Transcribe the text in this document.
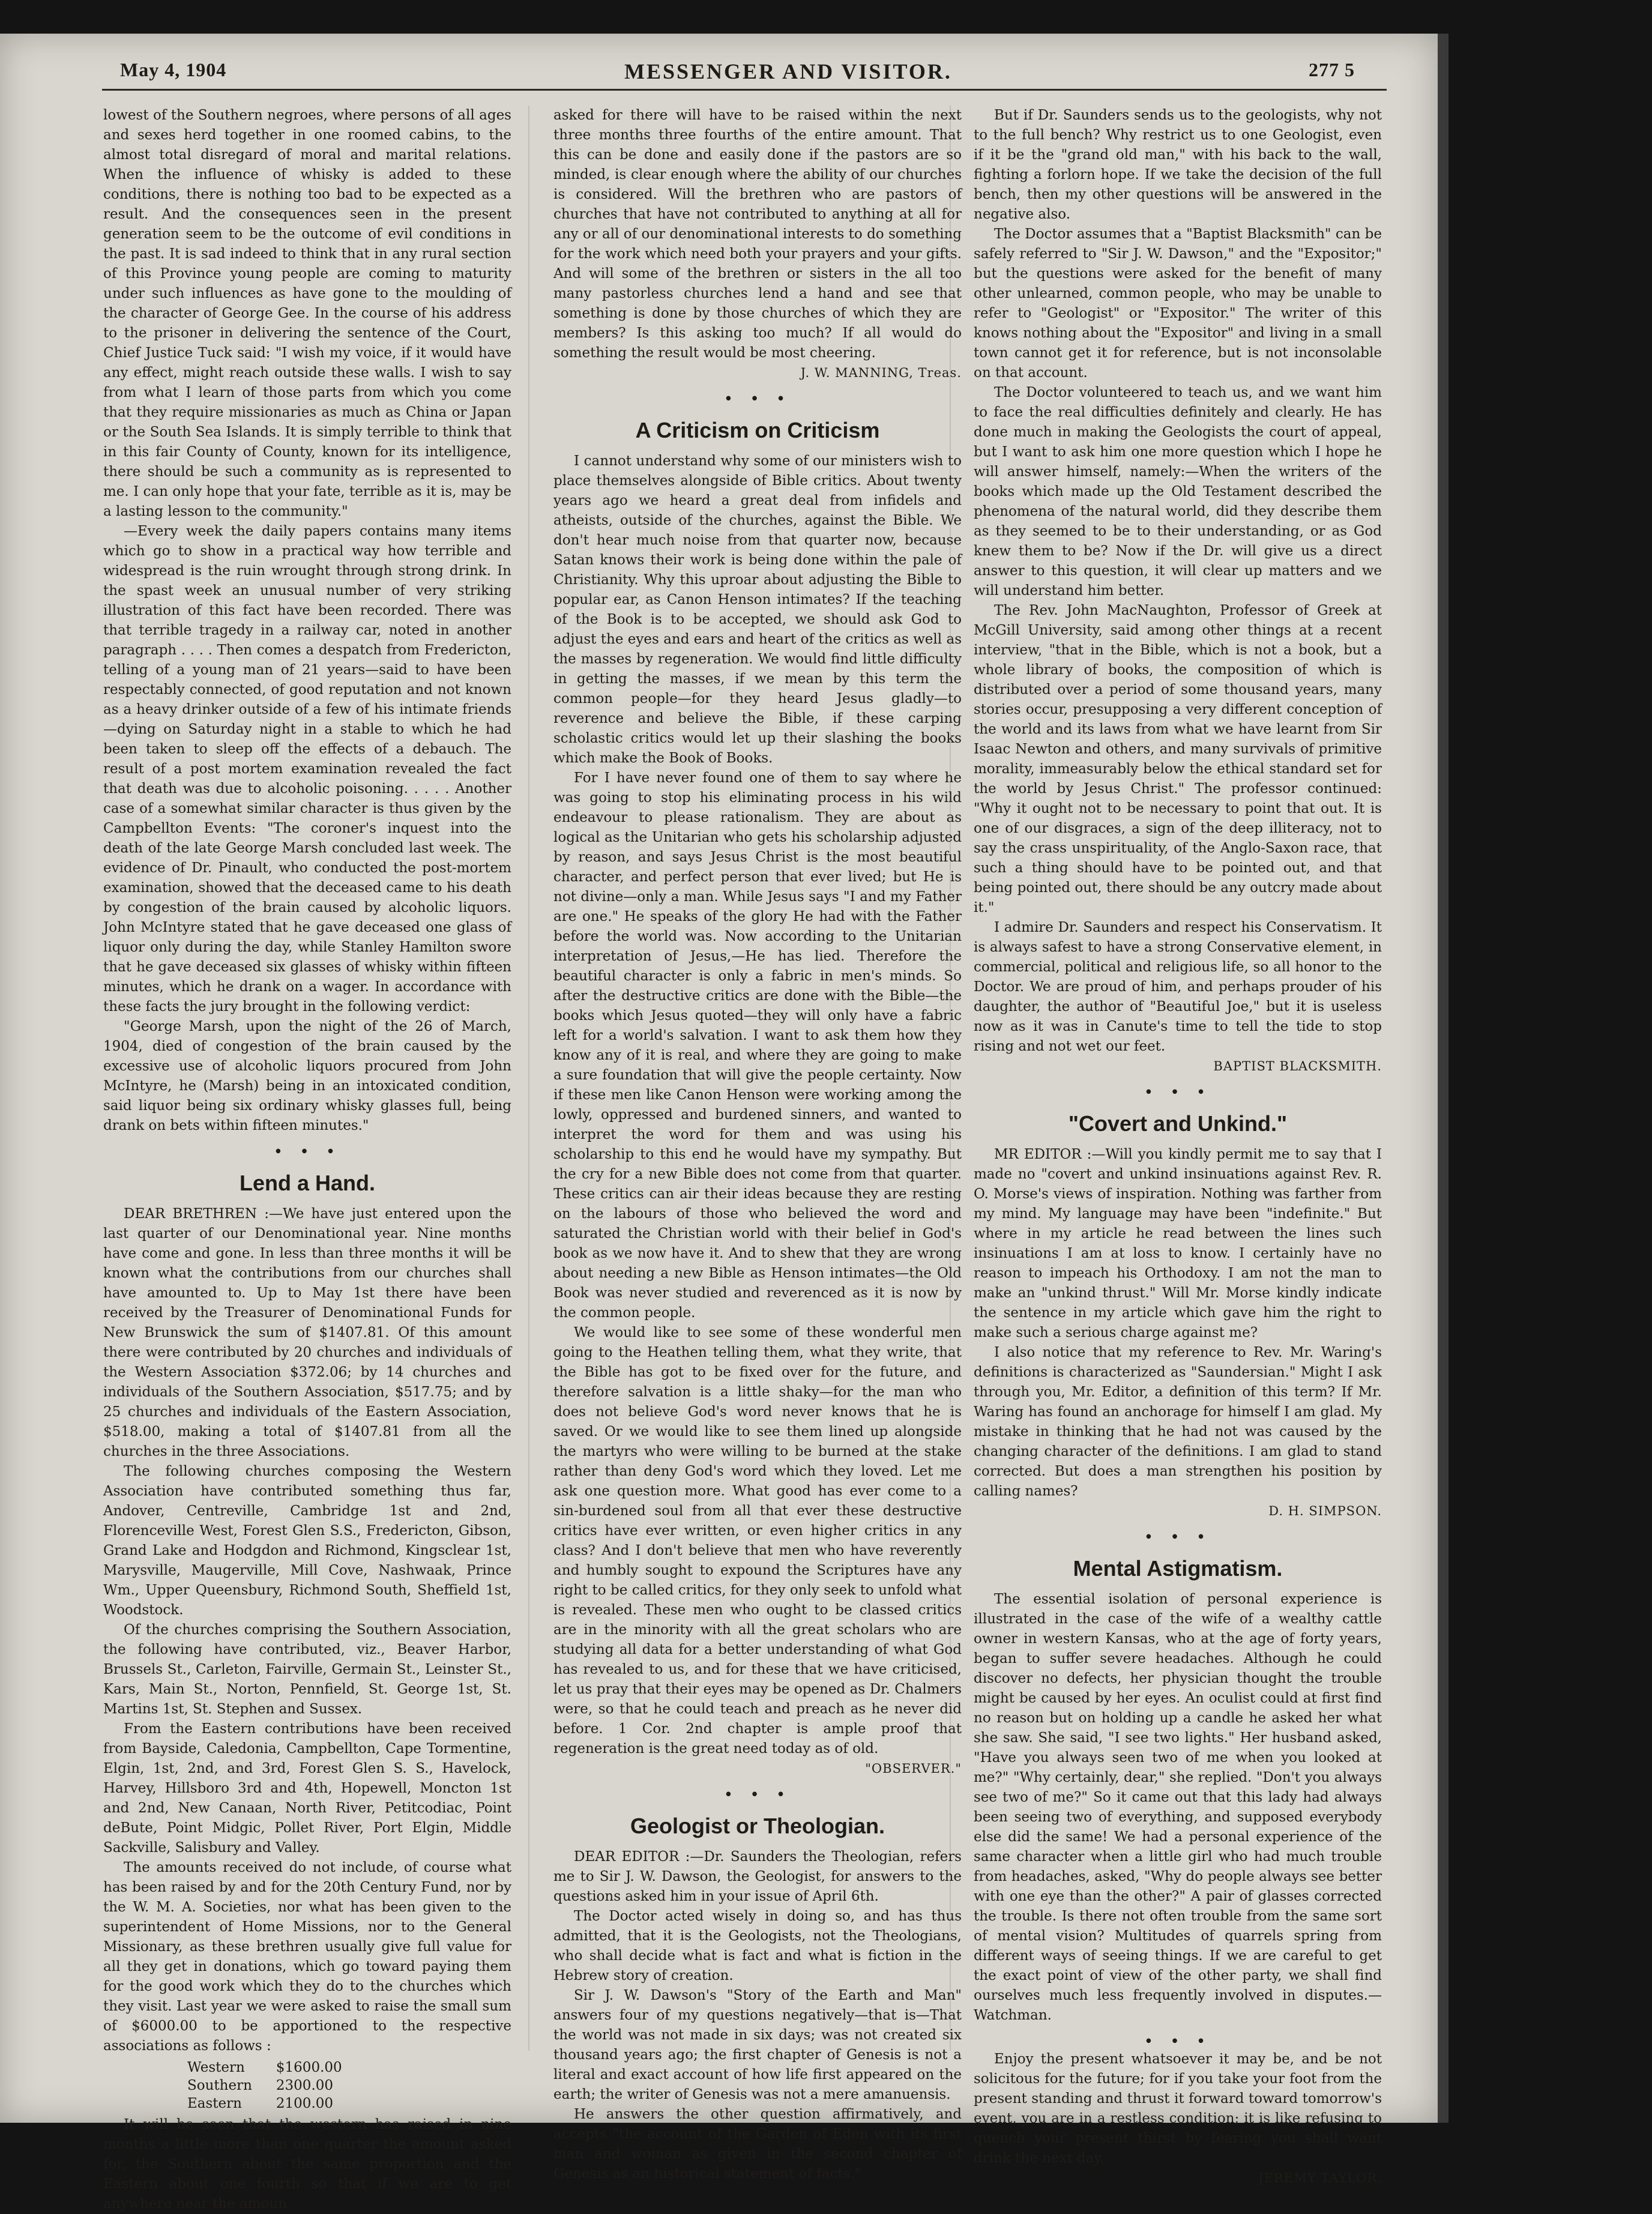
May 4, 1904	MESSENGER AND VISITOR.	277 5

lowest of the Southern negroes, where persons of all ages and sexes herd together in one roomed cabins, to the almost total disregard of moral and marital relations. When the influence of whisky is added to these conditions, there is nothing too bad to be expected as a result. And the consequences seen in the present generation seem to be the outcome of evil conditions in the past. It is sad indeed to think that in any rural section of this Province young people are coming to maturity under such influences as have gone to the moulding of the character of George Gee. In the course of his address to the prisoner in delivering the sentence of the Court, Chief Justice Tuck said: "I wish my voice, if it would have any effect, might reach outside these walls. I wish to say from what I learn of those parts from which you come that they require missionaries as much as China or Japan or the South Sea Islands. It is simply terrible to think that in this fair County of County, known for its intelligence, there should be such a community as is represented to me. I can only hope that your fate, terrible as it is, may be a lasting lesson to the community."

—Every week the daily papers contains many items which go to show in a practical way how terrible and widespread is the ruin wrought through strong drink. In the spast week an unusual number of very striking illustration of this fact have been recorded. There was that terrible tragedy in a railway car, noted in another paragraph . . . . Then comes a despatch from Fredericton, telling of a young man of 21 years—said to have been respectably connected, of good reputation and not known as a heavy drinker outside of a few of his intimate friends—dying on Saturday night in a stable to which he had been taken to sleep off the effects of a debauch. The result of a post mortem examination revealed the fact that death was due to alcoholic poisoning. . . . . Another case of a somewhat similar character is thus given by the Campbellton Events: "The coroner's inquest into the death of the late George Marsh concluded last week. The evidence of Dr. Pinault, who conducted the post-mortem examination, showed that the deceased came to his death by congestion of the brain caused by alcoholic liquors. John McIntyre stated that he gave deceased one glass of liquor only during the day, while Stanley Hamilton swore that he gave deceased six glasses of whisky within fifteen minutes, which he drank on a wager. In accordance with these facts the jury brought in the following verdict:

"George Marsh, upon the night of the 26 of March, 1904, died of congestion of the brain caused by the excessive use of alcoholic liquors procured from John McIntyre, he (Marsh) being in an intoxicated condition, said liquor being six ordinary whisky glasses full, being drank on bets within fifteen minutes."

• • •
Lend a Hand.

DEAR BRETHREN :—We have just entered upon the last quarter of our Denominational year. Nine months have come and gone. In less than three months it will be known what the contributions from our churches shall have amounted to. Up to May 1st there have been received by the Treasurer of Denominational Funds for New Brunswick the sum of $1407.81. Of this amount there were contributed by 20 churches and individuals of the Western Association $372.06; by 14 churches and individuals of the Southern Association, $517.75; and by 25 churches and individuals of the Eastern Association, $518.00, making a total of $1407.81 from all the churches in the three Associations.

The following churches composing the Western Association have contributed something thus far, Andover, Centreville, Cambridge 1st and 2nd, Florenceville West, Forest Glen S.S., Fredericton, Gibson, Grand Lake and Hodgdon and Richmond, Kingsclear 1st, Marysville, Maugerville, Mill Cove, Nashwaak, Prince Wm., Upper Queensbury, Richmond South, Sheffield 1st, Woodstock.

Of the churches comprising the Southern Association, the following have contributed, viz., Beaver Harbor, Brussels St., Carleton, Fairville, Germain St., Leinster St., Kars, Main St., Norton, Pennfield, St. George 1st, St. Martins 1st, St. Stephen and Sussex.

From the Eastern contributions have been received from Bayside, Caledonia, Campbellton, Cape Tormentine, Elgin, 1st, 2nd, and 3rd, Forest Glen S. S., Havelock, Harvey, Hillsboro 3rd and 4th, Hopewell, Moncton 1st and 2nd, New Canaan, North River, Petitcodiac, Point deBute, Point Midgic, Pollet River, Port Elgin, Middle Sackville, Salisbury and Valley.

The amounts received do not include, of course what has been raised by and for the 20th Century Fund, nor by the W. M. A. Societies, nor what has been given to the superintendent of Home Missions, nor to the General Missionary, as these brethren usually give full value for all they get in donations, which go toward paying them for the good work which they do to the churches which they visit. Last year we were asked to raise the small sum of $6000.00 to be apportioned to the respective associations as follows :

Western	$1600.00
Southern	2300.00
Eastern	2100.00

It will be seen that the western has raised in nine months a little more than one quarter the amount asked for, the Southern about the same proportion and the Eastern about one fourth so that if we are to get anywhere near the amoun

asked for there will have to be raised within the next three months three fourths of the entire amount. That this can be done and easily done if the pastors are so minded, is clear enough where the ability of our churches is considered. Will the brethren who are pastors of churches that have not contributed to anything at all for any or all of our denominational interests to do something for the work which need both your prayers and your gifts. And will some of the brethren or sisters in the all too many pastorless churches lend a hand and see that something is done by those churches of which they are members? Is this asking too much? If all would do something the result would be most cheering.

J. W. MANNING, Treas.

• • •
A Criticism on Criticism

I cannot understand why some of our ministers wish to place themselves alongside of Bible critics. About twenty years ago we heard a great deal from infidels and atheists, outside of the churches, against the Bible. We don't hear much noise from that quarter now, because Satan knows their work is being done within the pale of Christianity. Why this uproar about adjusting the Bible to popular ear, as Canon Henson intimates? If the teaching of the Book is to be accepted, we should ask God to adjust the eyes and ears and heart of the critics as well as the masses by regeneration. We would find little difficulty in getting the masses, if we mean by this term the common people—for they heard Jesus gladly—to reverence and believe the Bible, if these carping scholastic critics would let up their slashing the books which make the Book of Books.

For I have never found one of them to say where he was going to stop his eliminating process in his wild endeavour to please rationalism. They are about as logical as the Unitarian who gets his scholarship adjusted by reason, and says Jesus Christ is the most beautiful character, and perfect person that ever lived; but He is not divine—only a man. While Jesus says "I and my Father are one." He speaks of the glory He had with the Father before the world was. Now according to the Unitarian interpretation of Jesus,—He has lied. Therefore the beautiful character is only a fabric in men's minds. So after the destructive critics are done with the Bible—the books which Jesus quoted—they will only have a fabric left for a world's salvation. I want to ask them how they know any of it is real, and where they are going to make a sure foundation that will give the people certainty. Now if these men like Canon Henson were working among the lowly, oppressed and burdened sinners, and wanted to interpret the word for them and was using his scholarship to this end he would have my sympathy. But the cry for a new Bible does not come from that quarter. These critics can air their ideas because they are resting on the labours of those who believed the word and saturated the Christian world with their belief in God's book as we now have it. And to shew that they are wrong about needing a new Bible as Henson intimates—the Old Book was never studied and reverenced as it is now by the common people.

We would like to see some of these wonderful men going to the Heathen telling them, what they write, that the Bible has got to be fixed over for the future, and therefore salvation is a little shaky—for the man who does not believe God's word never knows that he is saved. Or we would like to see them lined up alongside the martyrs who were willing to be burned at the stake rather than deny God's word which they loved. Let me ask one question more. What good has ever come to a sin-burdened soul from all that ever these destructive critics have ever written, or even higher critics in any class? And I don't believe that men who have reverently and humbly sought to expound the Scriptures have any right to be called critics, for they only seek to unfold what is revealed. These men who ought to be classed critics are in the minority with all the great scholars who are studying all data for a better understanding of what God has revealed to us, and for these that we have criticised, let us pray that their eyes may be opened as Dr. Chalmers were, so that he could teach and preach as he never did before. 1 Cor. 2nd chapter is ample proof that regeneration is the great need today as of old.

"OBSERVER."

• • •
Geologist or Theologian.

DEAR EDITOR :—Dr. Saunders the Theologian, refers me to Sir J. W. Dawson, the Geologist, for answers to the questions asked him in your issue of April 6th.

The Doctor acted wisely in doing so, and has thus admitted, that it is the Geologists, not the Theologians, who shall decide what is fact and what is fiction in the Hebrew story of creation.

Sir J. W. Dawson's "Story of the Earth and Man" answers four of my questions negatively—that is—That the world was not made in six days; was not created six thousand years ago; the first chapter of Genesis is not a literal and exact account of how life first appeared on the earth; the writer of Genesis was not a mere amanuensis.

He answers the other question affirmatively, and accepts "the account of the Garden of Eden with its first man and woman as given in the second chapter of Genesis as an historical statement of facts."

But if Dr. Saunders sends us to the geologists, why not to the full bench? Why restrict us to one Geologist, even if it be the "grand old man," with his back to the wall, fighting a forlorn hope. If we take the decision of the full bench, then my other questions will be answered in the negative also.

The Doctor assumes that a "Baptist Blacksmith" can be safely referred to "Sir J. W. Dawson," and the "Expositor;" but the questions were asked for the benefit of many other unlearned, common people, who may be unable to refer to "Geologist" or "Expositor." The writer of this knows nothing about the "Expositor" and living in a small town cannot get it for reference, but is not inconsolable on that account.

The Doctor volunteered to teach us, and we want him to face the real difficulties definitely and clearly. He has done much in making the Geologists the court of appeal, but I want to ask him one more question which I hope he will answer himself, namely:—When the writers of the books which made up the Old Testament described the phenomena of the natural world, did they describe them as they seemed to be to their understanding, or as God knew them to be? Now if the Dr. will give us a direct answer to this question, it will clear up matters and we will understand him better.

The Rev. John MacNaughton, Professor of Greek at McGill University, said among other things at a recent interview, "that in the Bible, which is not a book, but a whole library of books, the composition of which is distributed over a period of some thousand years, many stories occur, presupposing a very different conception of the world and its laws from what we have learnt from Sir Isaac Newton and others, and many survivals of primitive morality, immeasurably below the ethical standard set for the world by Jesus Christ." The professor continued: "Why it ought not to be necessary to point that out. It is one of our disgraces, a sign of the deep illiteracy, not to say the crass unspirituality, of the Anglo-Saxon race, that such a thing should have to be pointed out, and that being pointed out, there should be any outcry made about it."

I admire Dr. Saunders and respect his Conservatism. It is always safest to have a strong Conservative element, in commercial, political and religious life, so all honor to the Doctor. We are proud of him, and perhaps prouder of his daughter, the author of "Beautiful Joe," but it is useless now as it was in Canute's time to tell the tide to stop rising and not wet our feet.

BAPTIST BLACKSMITH.

• • •
"Covert and Unkind."

MR EDITOR :—Will you kindly permit me to say that I made no "covert and unkind insinuations against Rev. R. O. Morse's views of inspiration. Nothing was farther from my mind. My language may have been "indefinite." But where in my article he read between the lines such insinuations I am at loss to know. I certainly have no reason to impeach his Orthodoxy. I am not the man to make an "unkind thrust." Will Mr. Morse kindly indicate the sentence in my article which gave him the right to make such a serious charge against me?

I also notice that my reference to Rev. Mr. Waring's definitions is characterized as "Saundersian." Might I ask through you, Mr. Editor, a definition of this term? If Mr. Waring has found an anchorage for himself I am glad. My mistake in thinking that he had not was caused by the changing character of the definitions. I am glad to stand corrected. But does a man strengthen his position by calling names?

D. H. SIMPSON.

• • •
Mental Astigmatism.

The essential isolation of personal experience is illustrated in the case of the wife of a wealthy cattle owner in western Kansas, who at the age of forty years, began to suffer severe headaches. Although he could discover no defects, her physician thought the trouble might be caused by her eyes. An oculist could at first find no reason but on holding up a candle he asked her what she saw. She said, "I see two lights." Her husband asked, "Have you always seen two of me when you looked at me?" "Why certainly, dear," she replied. "Don't you always see two of me?" So it came out that this lady had always been seeing two of everything, and supposed everybody else did the same! We had a personal experience of the same character when a little girl who had much trouble from headaches, asked, "Why do people always see better with one eye than the other?" A pair of glasses corrected the trouble. Is there not often trouble from the same sort of mental vision? Multitudes of quarrels spring from different ways of seeing things. If we are careful to get the exact point of view of the other party, we shall find ourselves much less frequently involved in disputes.—Watchman.

• • •

Enjoy the present whatsoever it may be, and be not solicitous for the future; for if you take your foot from the present standing and thrust it forward toward tomorrow's event, you are in a restless condition; it is like refusing to quench your present thirst by fearing you shall want drink the next day.

JEREMY TAYLOR.
